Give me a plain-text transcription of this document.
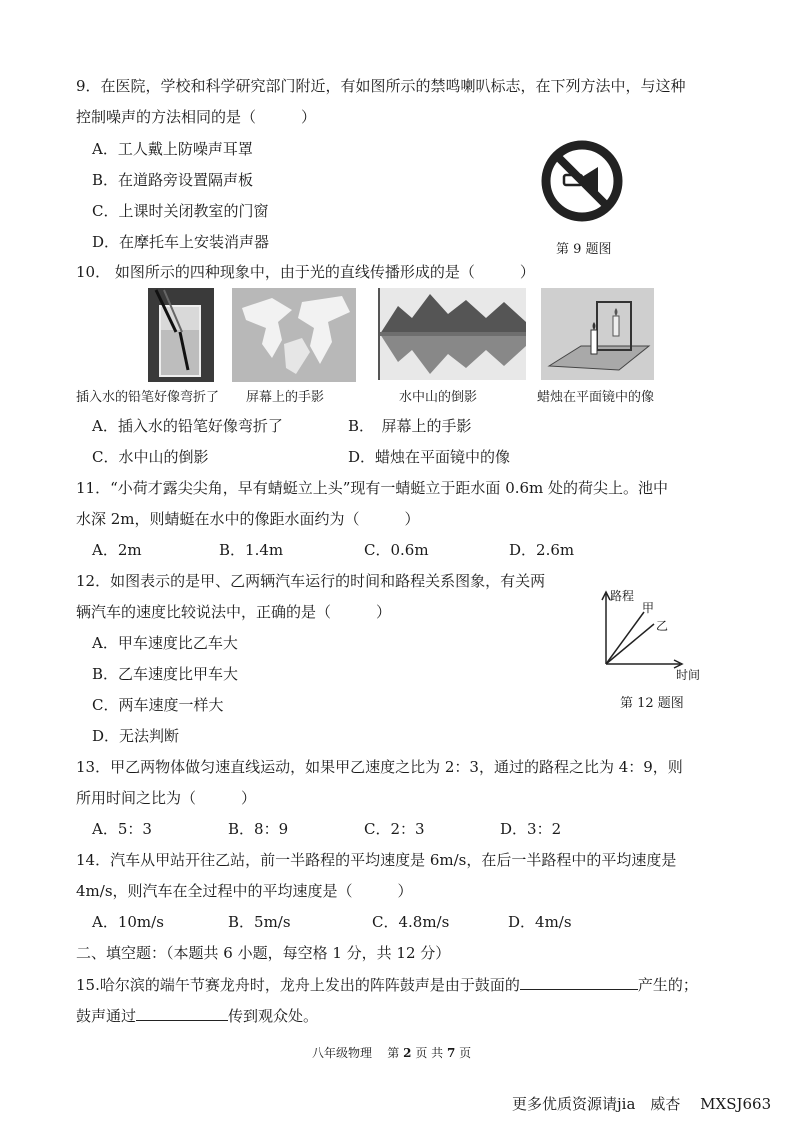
9．在医院，学校和科学研究部门附近，有如图所示的禁鸣喇叭标志，在下列方法中，与这种
控制噪声的方法相同的是（　　　）
A．工人戴上防噪声耳罩
B．在道路旁设置隔声板
C．上课时关闭教室的门窗
D．在摩托车上安装消声器	第 9 题图
10． 如图所示的四种现象中，由于光的直线传播形成的是（　　　）
插入水的铅笔好像弯折了 屏幕上的手影	水中山的倒影	蜡烛在平面镜中的像
A．插入水的铅笔好像弯折了	B．　屏幕上的手影
C．水中山的倒影	D．蜡烛在平面镜中的像
11．“小荷才露尖尖角，早有蜻蜓立上头”现有一蜻蜓立于距水面 0.6m 处的荷尖上。池中
水深 2m，则蜻蜓在水中的像距水面约为（　　　）
A．2m	B．1.4m	C．0.6m	D．2.6m
12．如图表示的是甲、乙两辆汽车运行的时间和路程关系图象，有关两
辆汽车的速度比较说法中，正确的是（　　　）
A．甲车速度比乙车大
B．乙车速度比甲车大
C．两车速度一样大
D．无法判断
路程
甲
乙
时间
第 12 题图
13．甲乙两物体做匀速直线运动，如果甲乙速度之比为 2：3，通过的路程之比为 4：9，则
所用时间之比为（　　　）
A．5：3	B．8：9	C．2：3	D．3：2
14．汽车从甲站开往乙站，前一半路程的平均速度是 6m/s，在后一半路程中的平均速度是
4m/s，则汽车在全过程中的平均速度是（　　　）
A．10m/s	B．5m/s	C．4.8m/s	D．4m/s
二、填空题：（本题共 6 小题，每空格 1 分，共 12 分）
15.哈尔滨的端午节赛龙舟时，龙舟上发出的阵阵鼓声是由于鼓面的	产生的；
鼓声通过	传到观众处。
八年级物理 第 2 页 共 7 页
更多优质资源请jia　威杏　 MXSJ663
